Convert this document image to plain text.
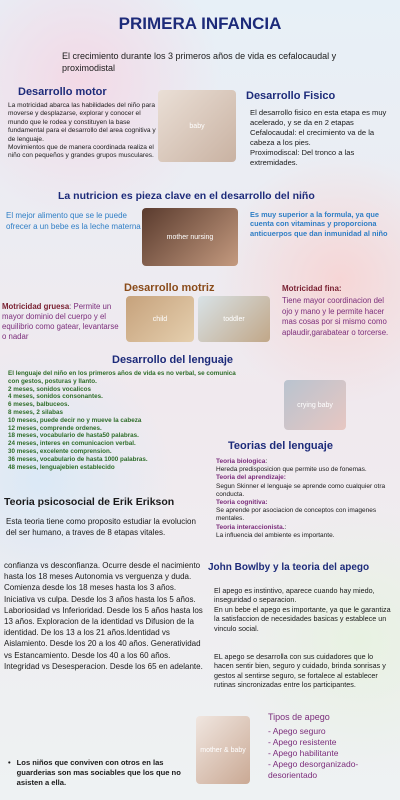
PRIMERA INFANCIA
El crecimiento durante los 3 primeros años de vida es cefalocaudal y proximodistal
Desarrollo motor
La motricidad abarca las habilidades del niño para moverse y desplazarse, explorar y conocer el mundo que le rodea y constituyen la base fundamental para el desarrollo del area cognitiva y de lenguaje.
Movimientos que de manera coordinada realiza el niño con pequeños y grandes grupos musculares.
baby
Desarrollo Fisico
El desarrollo fisico en esta etapa es muy acelerado, y se da en 2 etapas
Cefalocaudal: el crecimiento va de la cabeza a los pies.
Proximodiscal: Del tronco a las extremidades.
La nutricion es pieza clave en el desarrollo del niño
El mejor alimento que se le puede ofrecer a un bebe es la leche materna
mother nursing
Es muy superior a la formula, ya que cuenta con vitaminas y proporciona anticuerpos que dan inmunidad al niño
Desarrollo motriz
child	toddler
Motricidad gruesa: Permite un mayor dominio del cuerpo y el equilibrio como gatear, levantarse o nadar
Motricidad fina:
Tiene mayor coordinacion del ojo y mano y le permite hacer mas cosas por si mismo como aplaudir,garabatear o torcerse.
Desarrollo del lenguaje
El lenguaje del niño en los primeros años de vida es no verbal, se comunica con gestos, posturas y llanto.
2 meses, sonidos vocalicos
4 meses, sonidos consonantes.
6 meses, balbuceos.
8 meses, 2 silabas
10 meses, puede decir no y mueve la cabeza
12 meses, comprende ordenes.
18 meses, vocabulario de hasta50 palabras.
24 meses, interes en comunicacion verbal.
30 meses, excelente comprension.
36 meses, vocabulario de hasta 1000 palabras.
48 meses, lenguajebien establecido
crying baby
Teorias del lenguaje
Teoria biologica:
Hereda predisposicion que permite uso de fonemas.
Teoria del aprendizaje:
Segun Skinner el lenguaje se aprende como cualquier otra conducta.
Teoria cognitiva:
Se aprende por asociacion de conceptos con imagenes mentales.
Teoria interaccionista.:
La influencia del ambiente es importante.
Teoria psicosocial de Erik Erikson
Esta teoria tiene como proposito estudiar la evolucion del ser humano, a traves de 8 etapas vitales.
confianza vs desconfianza. Ocurre desde el nacimiento hasta los 18 meses Autonomia vs verguenza y duda. Comienza desde los 18 meses hasta los 3 años. Iniciativa vs culpa. Desde los 3 años hasta los 5 años. Laboriosidad vs Inferioridad. Desde los 5 años hasta los 13 años. Exploracion de la identidad vs Difusion de la identidad. De los 13 a los 21 años.Identidad vs Aislamiento. Desde los 20 a los 40 años. Generatividad vs Estancamiento. Desde los 40 a los 60 años. Integridad vs Desesperacion. Desde los 65 en adelante.
John Bowlby y la teoria del apego
El apego es instintivo, aparece cuando hay miedo, inseguridad o separacion.
En un bebe el apego es importante, ya que le garantiza la satisfaccion de necesidades basicas y establece un vinculo social.
EL apego se desarrolla con sus cuidadores que lo hacen sentir bien, seguro y cuidado, brinda sonrisas y gestos al sentirse seguro, se fortalece al establecer rutinas sincronizadas entre los participantes.
mother & baby
Tipos de apego
- Apego seguro
- Apego resistente
- Apego habilitante
- Apego desorganizado-desorientado
• Los niños que conviven con otros en las guarderias son mas sociables que los que no asisten a ella.
